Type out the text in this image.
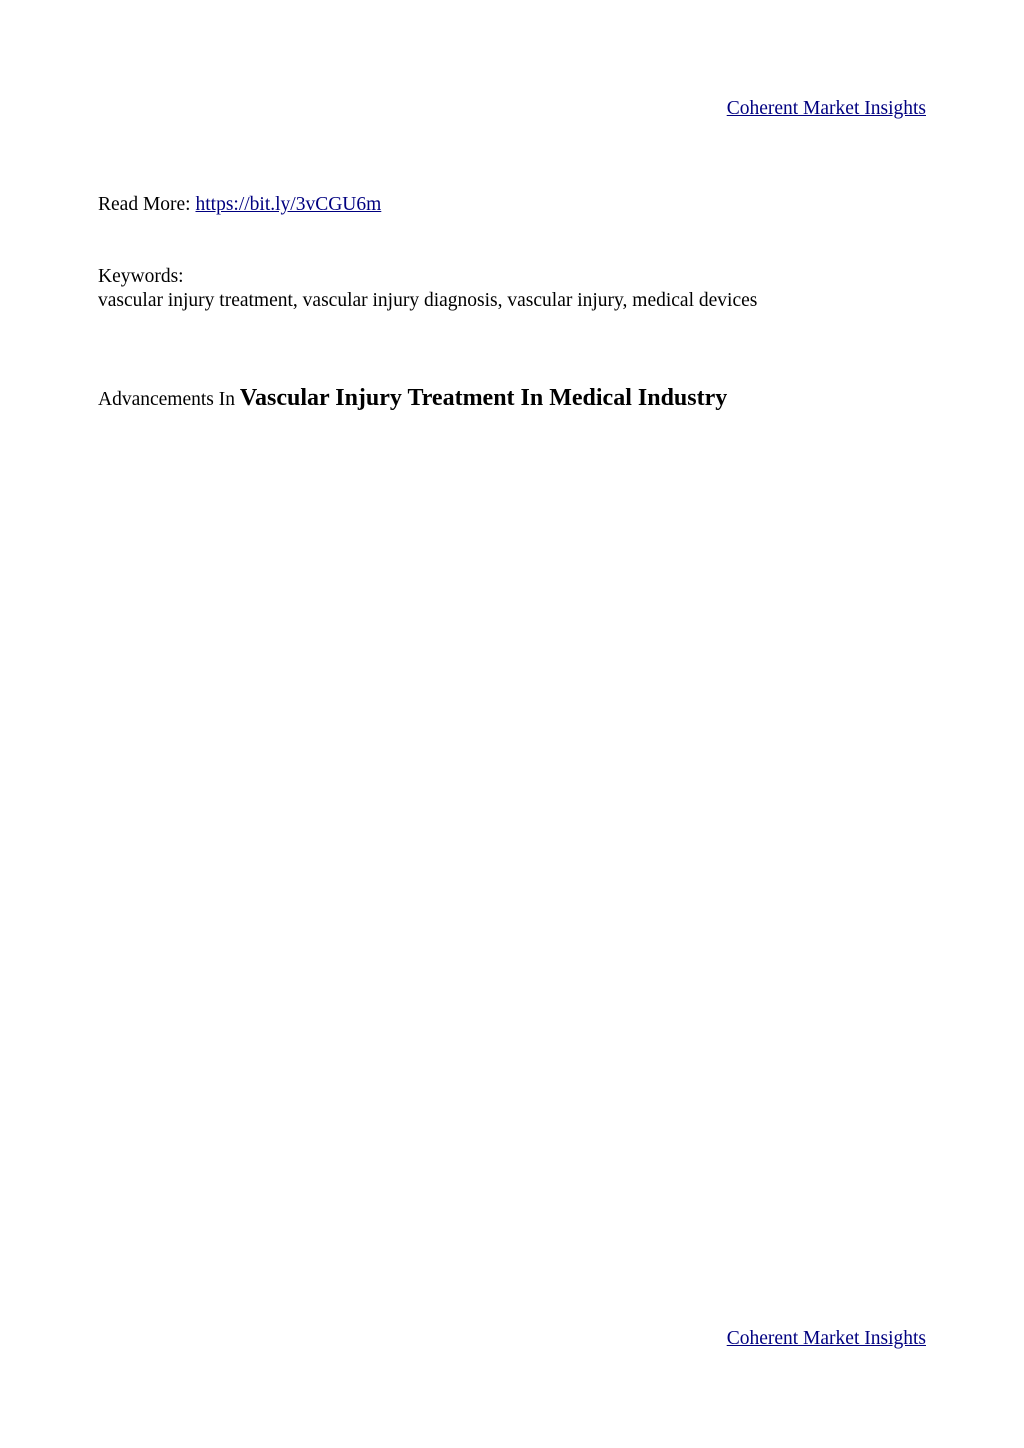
Coherent Market Insights
Read More: https://bit.ly/3vCGU6m
Keywords:
vascular injury treatment, vascular injury diagnosis, vascular injury, medical devices
Advancements In Vascular Injury Treatment In Medical Industry
Coherent Market Insights
